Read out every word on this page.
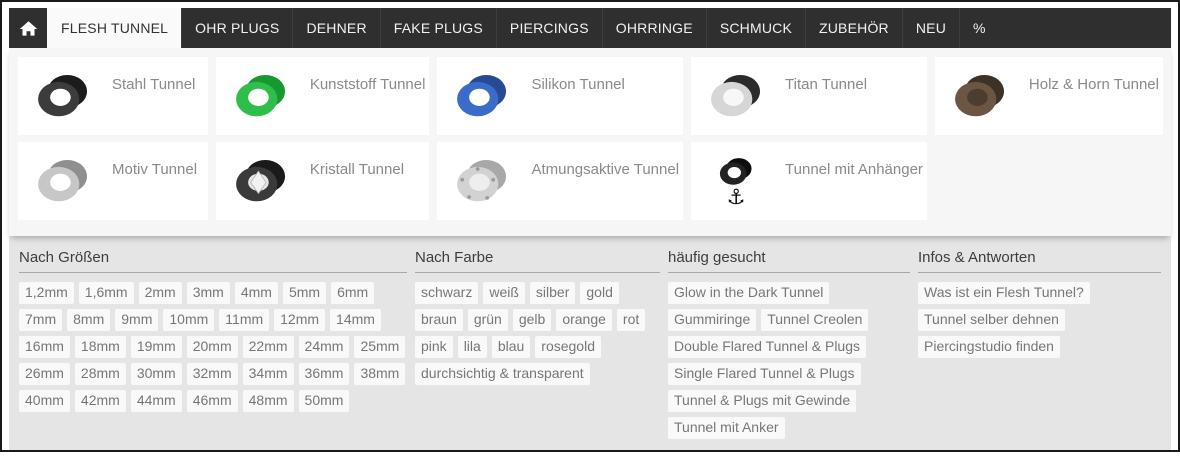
FLESH TUNNEL	OHR PLUGS	DEHNER	FAKE PLUGS	PIERCINGS	OHRRINGE	SCHMUCK	ZUBEHÖR	NEU	%
Stahl Tunnel	Kunststoff Tunnel	Silikon Tunnel	Titan Tunnel	Holz & Horn Tunnel
Motiv Tunnel	Kristall Tunnel	Atmungsaktive Tunnel
⚓
Tunnel mit Anhänger
Nach Größen
1,2mm	1,6mm	2mm	3mm	4mm	5mm	6mm
7mm	8mm	9mm	10mm	11mm	12mm	14mm
16mm	18mm	19mm	20mm	22mm	24mm	25mm
26mm	28mm	30mm	32mm	34mm	36mm	38mm
40mm	42mm	44mm	46mm	48mm	50mm
Nach Farbe
schwarz	weiß	silber	gold
braun	grün	gelb	orange	rot
pink	lila	blau	rosegold
durchsichtig & transparent
häufig gesucht
Glow in the Dark Tunnel
Gummiringe	Tunnel Creolen
Double Flared Tunnel & Plugs
Single Flared Tunnel & Plugs
Tunnel & Plugs mit Gewinde
Tunnel mit Anker
Infos & Antworten
Was ist ein Flesh Tunnel?
Tunnel selber dehnen
Piercingstudio finden
